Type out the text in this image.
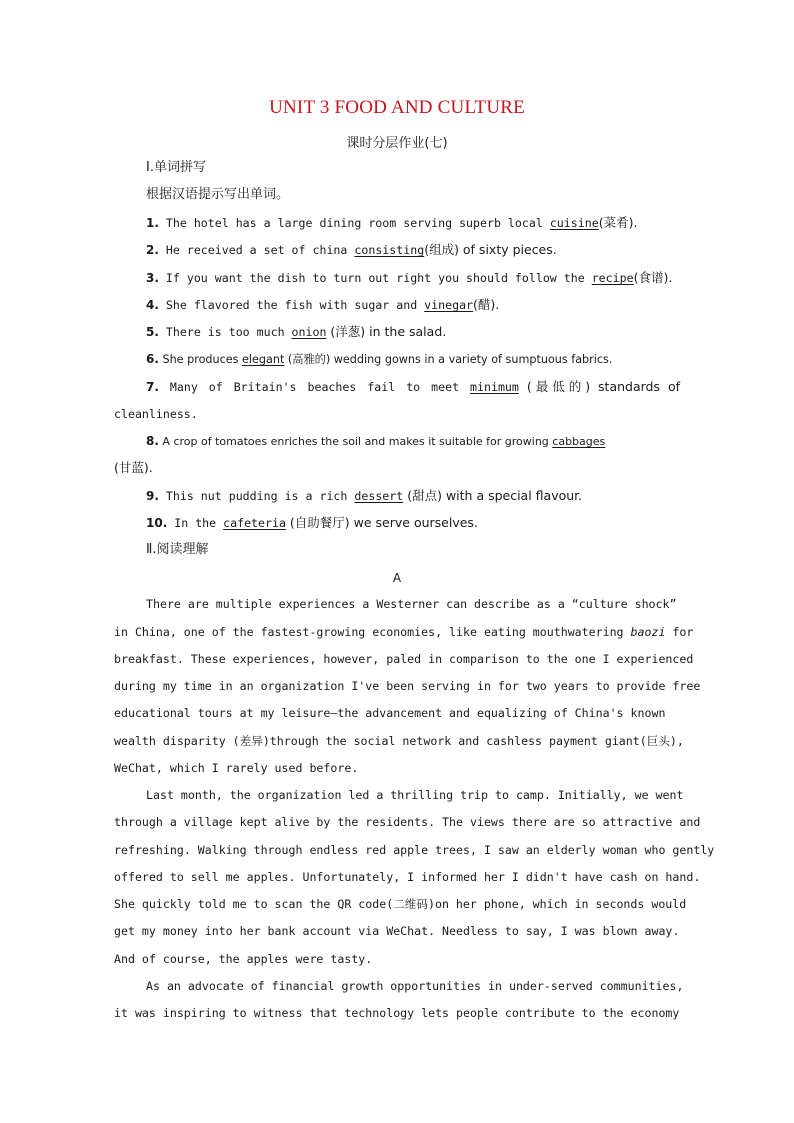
UNIT 3 FOOD AND CULTURE
课时分层作业(七)
Ⅰ.单词拼写
根据汉语提示写出单词。
1. The hotel has a large dining room serving superb local cuisine(菜肴).
2. He received a set of china consisting(组成) of sixty pieces.
3. If you want the dish to turn out right you should follow the recipe(食谱).
4. She flavored the fish with sugar and vinegar(醋).
5. There is too much onion (洋葱) in the salad.
6. She produces elegant (高雅的) wedding gowns in a variety of sumptuous fabrics.
7. Many of Britain's beaches fail to meet minimum (最低的) standards of
cleanliness.
8. A crop of tomatoes enriches the soil and makes it suitable for growing cabbages
(甘蓝).
9. This nut pudding is a rich dessert (甜点) with a special flavour.
10. In the cafeteria (自助餐厅) we serve ourselves.
Ⅱ.阅读理解
A
There are multiple experiences a Westerner can describe as a “culture shock”
in China, one of the fastest-growing economies, like eating mouthwatering baozi for
breakfast. These experiences, however, paled in comparison to the one I experienced
during my time in an organization I've been serving in for two years to provide free
educational tours at my leisure—the advancement and equalizing of China's known
wealth disparity (差异)through the social network and cashless payment giant(巨头),
WeChat, which I rarely used before.
Last month, the organization led a thrilling trip to camp. Initially, we went
through a village kept alive by the residents. The views there are so attractive and
refreshing. Walking through endless red apple trees, I saw an elderly woman who gently
offered to sell me apples. Unfortunately, I informed her I didn't have cash on hand.
She quickly told me to scan the QR code(二维码)on her phone, which in seconds would
get my money into her bank account via WeChat. Needless to say, I was blown away.
And of course, the apples were tasty.
As an advocate of financial growth opportunities in under-served communities,
it was inspiring to witness that technology lets people contribute to the economy
